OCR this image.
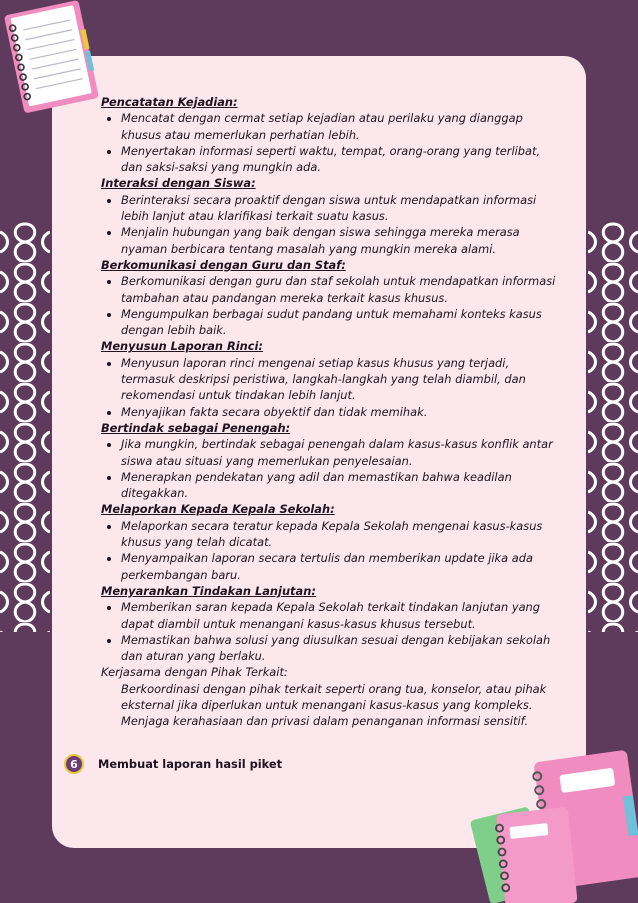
Pencatatan Kejadian:
• Mencatat dengan cermat setiap kejadian atau perilaku yang dianggap khusus atau memerlukan perhatian lebih.
• Menyertakan informasi seperti waktu, tempat, orang-orang yang terlibat, dan saksi-saksi yang mungkin ada.
Interaksi dengan Siswa:
• Berinteraksi secara proaktif dengan siswa untuk mendapatkan informasi lebih lanjut atau klarifikasi terkait suatu kasus.
• Menjalin hubungan yang baik dengan siswa sehingga mereka merasa nyaman berbicara tentang masalah yang mungkin mereka alami.
Berkomunikasi dengan Guru dan Staf:
• Berkomunikasi dengan guru dan staf sekolah untuk mendapatkan informasi tambahan atau pandangan mereka terkait kasus khusus.
• Mengumpulkan berbagai sudut pandang untuk memahami konteks kasus dengan lebih baik.
Menyusun Laporan Rinci:
• Menyusun laporan rinci mengenai setiap kasus khusus yang terjadi, termasuk deskripsi peristiwa, langkah-langkah yang telah diambil, dan rekomendasi untuk tindakan lebih lanjut.
• Menyajikan fakta secara obyektif dan tidak memihak.
Bertindak sebagai Penengah:
• Jika mungkin, bertindak sebagai penengah dalam kasus-kasus konflik antar siswa atau situasi yang memerlukan penyelesaian.
• Menerapkan pendekatan yang adil dan memastikan bahwa keadilan ditegakkan.
Melaporkan Kepada Kepala Sekolah:
• Melaporkan secara teratur kepada Kepala Sekolah mengenai kasus-kasus khusus yang telah dicatat.
• Menyampaikan laporan secara tertulis dan memberikan update jika ada perkembangan baru.
Menyarankan Tindakan Lanjutan:
• Memberikan saran kepada Kepala Sekolah terkait tindakan lanjutan yang dapat diambil untuk menangani kasus-kasus khusus tersebut.
• Memastikan bahwa solusi yang diusulkan sesuai dengan kebijakan sekolah dan aturan yang berlaku.
Kerjasama dengan Pihak Terkait:
Berkoordinasi dengan pihak terkait seperti orang tua, konselor, atau pihak eksternal jika diperlukan untuk menangani kasus-kasus yang kompleks.
Menjaga kerahasiaan dan privasi dalam penanganan informasi sensitif.
6	Membuat laporan hasil piket
